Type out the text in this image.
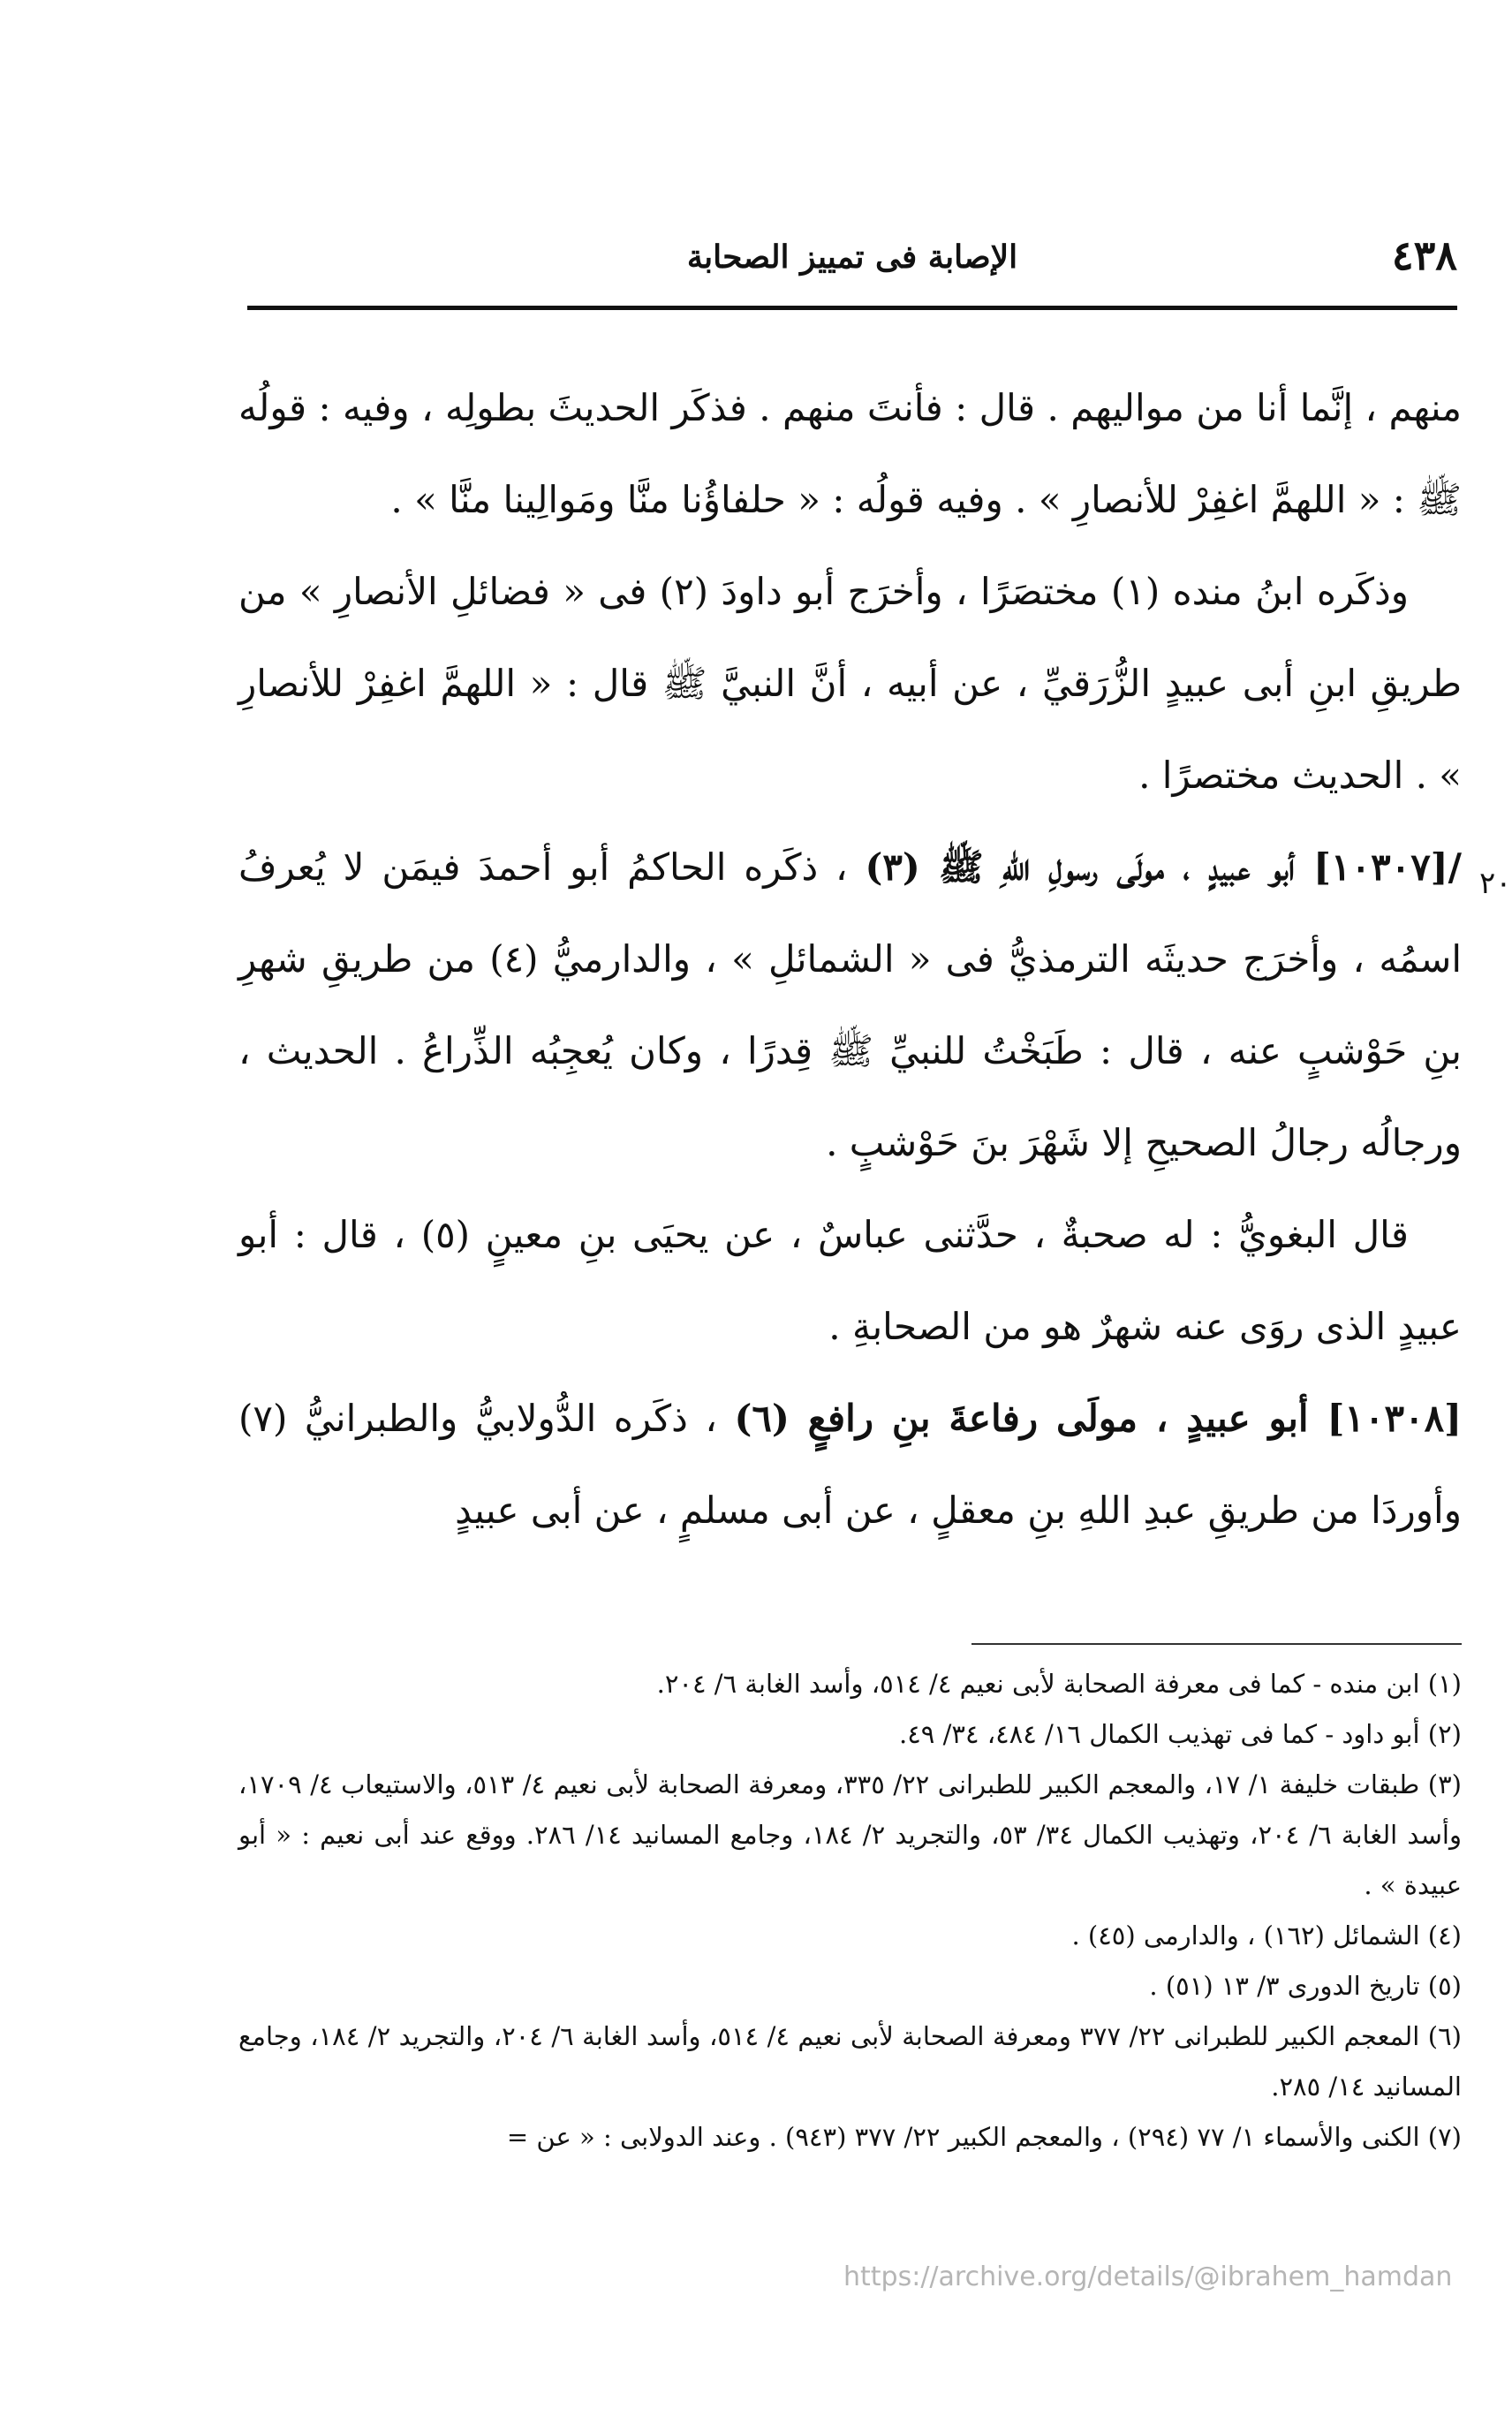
٤٣٨
الإصابة فى تمييز الصحابة
٢٠

منهم ، إنَّما أنا من مواليهم . قال : فأنتَ منهم . فذكَر الحديثَ بطولِه ، وفيه : قولُه ﷺ : « اللهمَّ اغفِرْ للأنصارِ » . وفيه قولُه : « حلفاؤُنا منَّا ومَوالِينا منَّا » .

وذكَره ابنُ منده (١) مختصَرًا ، وأخرَج أبو داودَ (٢) فى « فضائلِ الأنصارِ » من طريقِ ابنِ أبى عبيدٍ الزُّرَقيِّ ، عن أبيه ، أنَّ النبيَّ ﷺ قال : « اللهمَّ اغفِرْ للأنصارِ » . الحديث مختصرًا .

/[١٠٣٠٧] أبو عبيدٍ ، مولَى رسولِ اللهِ ﷺ (٣) ، ذكَره الحاكمُ أبو أحمدَ فيمَن لا يُعرفُ اسمُه ، وأخرَج حديثَه الترمذيُّ فى « الشمائلِ » ، والدارميُّ (٤) من طريقِ شهرِ بنِ حَوْشبٍ عنه ، قال : طَبَخْتُ للنبيِّ ﷺ قِدرًا ، وكان يُعجِبُه الذِّراعُ . الحديث ، ورجالُه رجالُ الصحيحِ إلا شَهْرَ بنَ حَوْشبٍ .

قال البغويُّ : له صحبةٌ ، حدَّثنى عباسٌ ، عن يحيَى بنِ معينٍ (٥) ، قال : أبو عبيدٍ الذى روَى عنه شهرٌ هو من الصحابةِ .

[١٠٣٠٨] أبو عبيدٍ ، مولَى رفاعةَ بنِ رافعٍ (٦) ، ذكَره الدُّولابيُّ والطبرانيُّ (٧) وأوردَا من طريقِ عبدِ اللهِ بنِ معقلٍ ، عن أبى مسلمٍ ، عن أبى عبيدٍ

(١) ابن منده - كما فى معرفة الصحابة لأبى نعيم ٤/ ٥١٤، وأسد الغابة ٦/ ٢٠٤.

(٢) أبو داود - كما فى تهذيب الكمال ١٦/ ٤٨٤، ٣٤/ ٤٩.

(٣) طبقات خليفة ١/ ١٧، والمعجم الكبير للطبرانى ٢٢/ ٣٣٥، ومعرفة الصحابة لأبى نعيم ٤/ ٥١٣، والاستيعاب ٤/ ١٧٠٩، وأسد الغابة ٦/ ٢٠٤، وتهذيب الكمال ٣٤/ ٥٣، والتجريد ٢/ ١٨٤، وجامع المسانيد ١٤/ ٢٨٦. ووقع عند أبى نعيم : « أبو عبيدة » .

(٤) الشمائل (١٦٢) ، والدارمى (٤٥) .

(٥) تاريخ الدورى ٣/ ١٣ (٥١) .

(٦) المعجم الكبير للطبرانى ٢٢/ ٣٧٧ ومعرفة الصحابة لأبى نعيم ٤/ ٥١٤، وأسد الغابة ٦/ ٢٠٤، والتجريد ٢/ ١٨٤، وجامع المسانيد ١٤/ ٢٨٥.

(٧) الكنى والأسماء ١/ ٧٧ (٢٩٤) ، والمعجم الكبير ٢٢/ ٣٧٧ (٩٤٣) . وعند الدولابى : « عن =

https://archive.org/details/@ibrahem_hamdan
